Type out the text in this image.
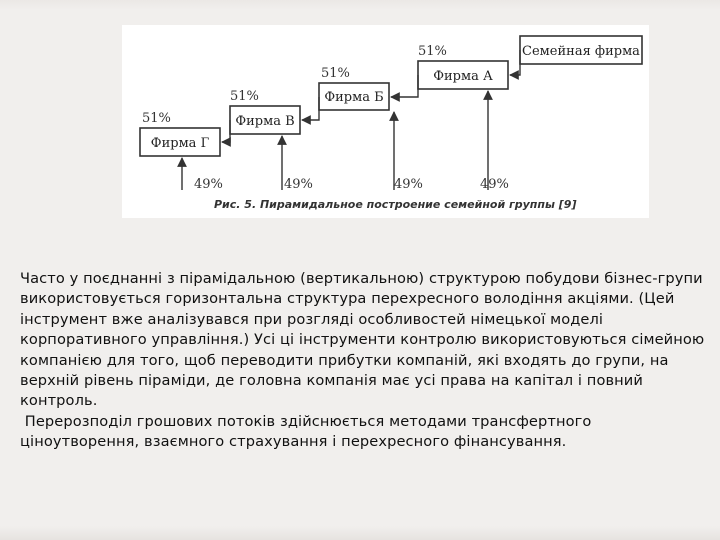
Семейная фирма
Фирма А
Фирма Б
Фирма В
Фирма Г
51%
51%
51%
51%
49%	49%	49%	49%
Рис. 5. Пирамидальное построение семейной группы [9]

Часто у поєднанні з пірамідальною (вертикальною) структурою побудови бізнес-групи використовується горизонтальна структура перехресного володіння акціями. (Цей інструмент вже аналізувався при розгляді особливостей німецької моделі корпоративного управління.) Усі ці інструменти контролю використовуються сімейною компанією для того, щоб переводити прибутки компаній, які входять до групи, на верхній рівень піраміди, де головна компанія має усі права на капітал і повний контроль.

Перерозподіл грошових потоків здійснюється методами трансфертного ціноутворення, взаємного страхування і перехресного фінансування.
